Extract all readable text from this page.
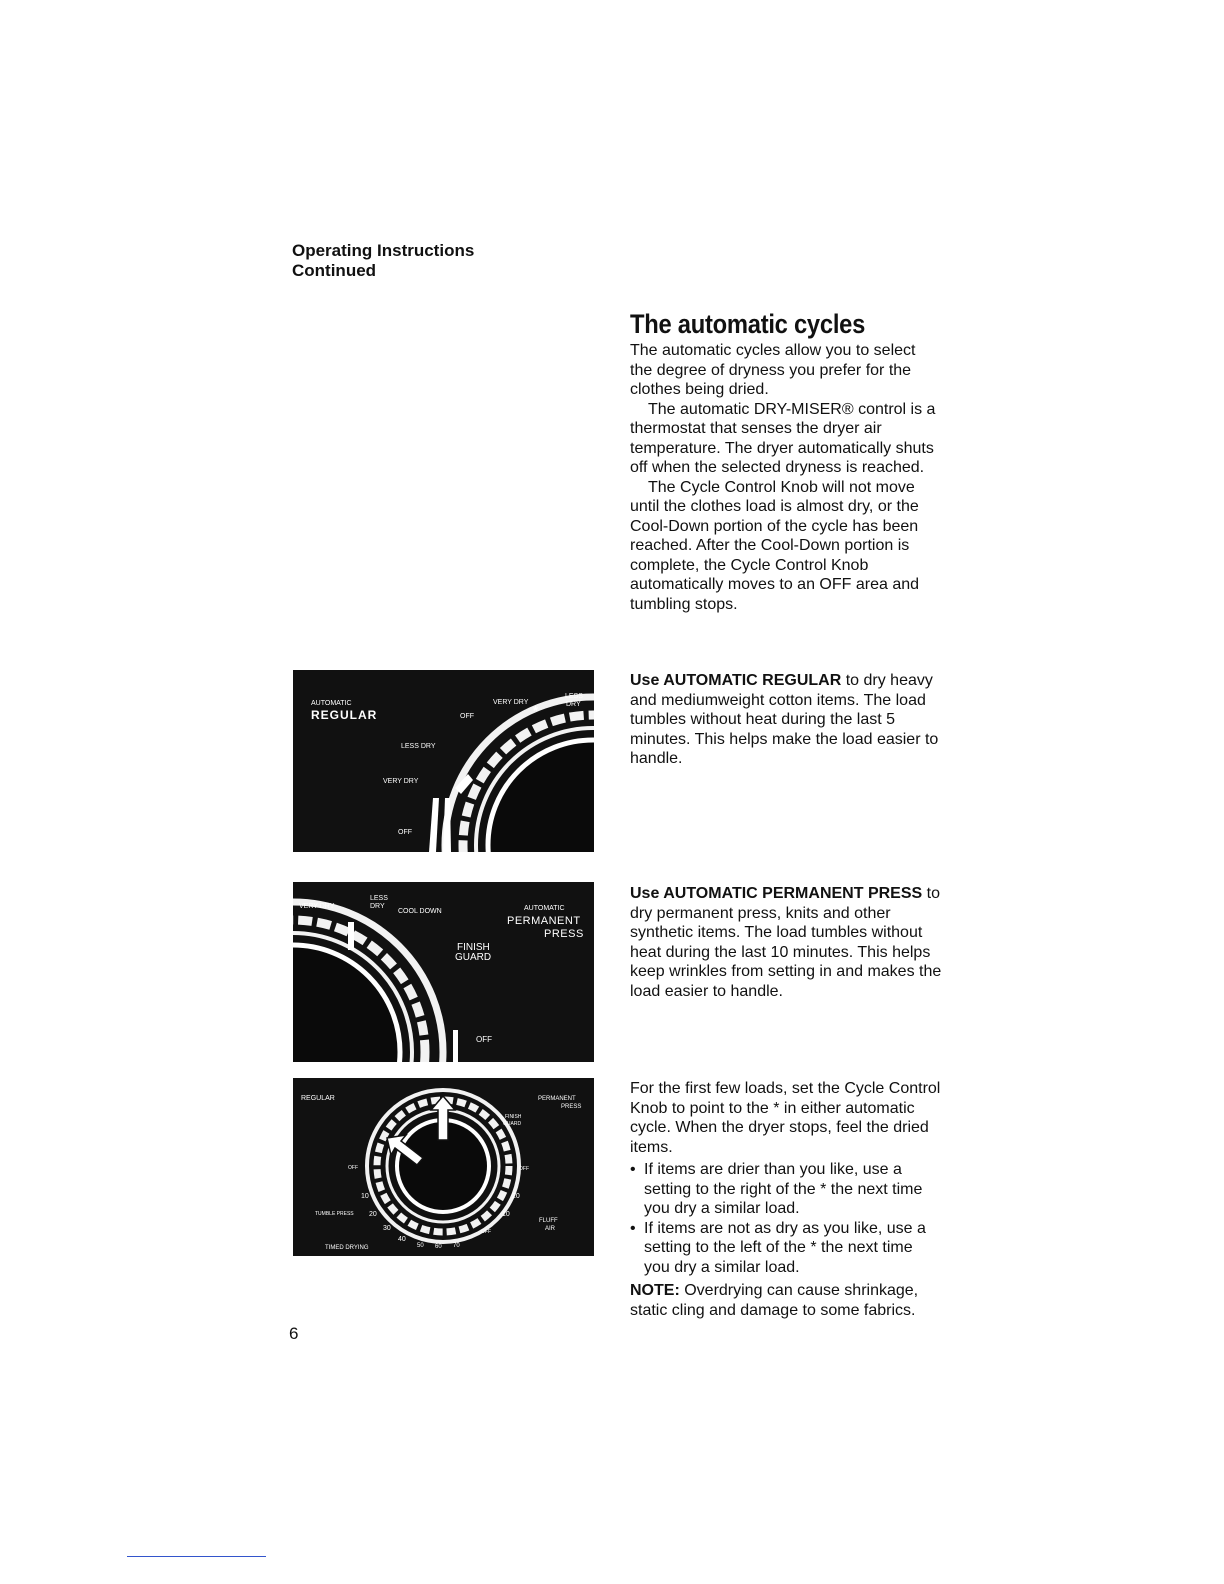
Operating Instructions
Continued
The automatic cycles

The automatic cycles allow you to select the degree of dryness you prefer for the clothes being dried.

The automatic DRY-MISER® control is a thermostat that senses the dryer air temperature. The dryer automatically shuts off when the selected dryness is reached.

The Cycle Control Knob will not move until the clothes load is almost dry, or the Cool-Down portion of the cycle has been reached. After the Cool-Down portion is complete, the Cycle Control Knob automatically moves to an OFF area and tumbling stops.

Use AUTOMATIC REGULAR to dry heavy and mediumweight cotton items. The load tumbles without heat during the last 5 minutes. This helps make the load easier to handle.

Use AUTOMATIC PERMANENT PRESS to dry permanent press, knits and other synthetic items. The load tumbles without heat during the last 10 minutes. This helps keep wrinkles from setting in and makes the load easier to handle.

For the first few loads, set the Cycle Control Knob to point to the * in either automatic cycle. When the dryer stops, feel the dried items.

• If items are drier than you like, use a setting to the right of the * the next time you dry a similar load.
• If items are not as dry as you like, use a setting to the left of the * the next time you dry a similar load.

NOTE: Overdrying can cause shrinkage, static cling and damage to some fabrics.

AUTOMATIC
REGULAR
VERY DRY
LESS
DRY
OFF
LESS DRY
VERY DRY
OFF
*
VERY DRY
LESS
DRY
COOL DOWN	AUTOMATIC
PERMANENT
PRESS
FINISH
GUARD
OFF
REGULAR	PERMANENT
PRESS
FINISH
GUARD
OFF	OFF
10	20
TUMBLE PRESS 20	10
FLUFF
AIR
30	OFF
40
TIMED DRYING	50 60 70
6
